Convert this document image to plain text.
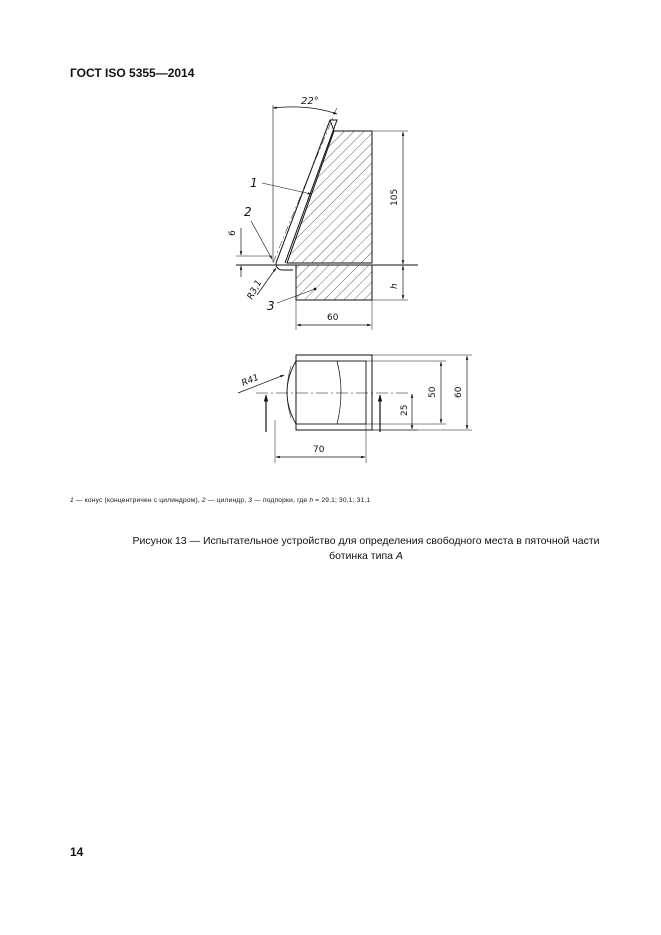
ГОСТ ISO 5355—2014
22°
105
h
6
R3,1
60
1
2
3
R41
25
50 60
70
1 — конус (концентричен с цилиндром), 2 — цилиндр, 3 — подпорки, где h = 29,1; 30,1; 31,1
Рисунок 13 — Испытательное устройство для определения свободного места в пяточной части
ботинка типа А
14
